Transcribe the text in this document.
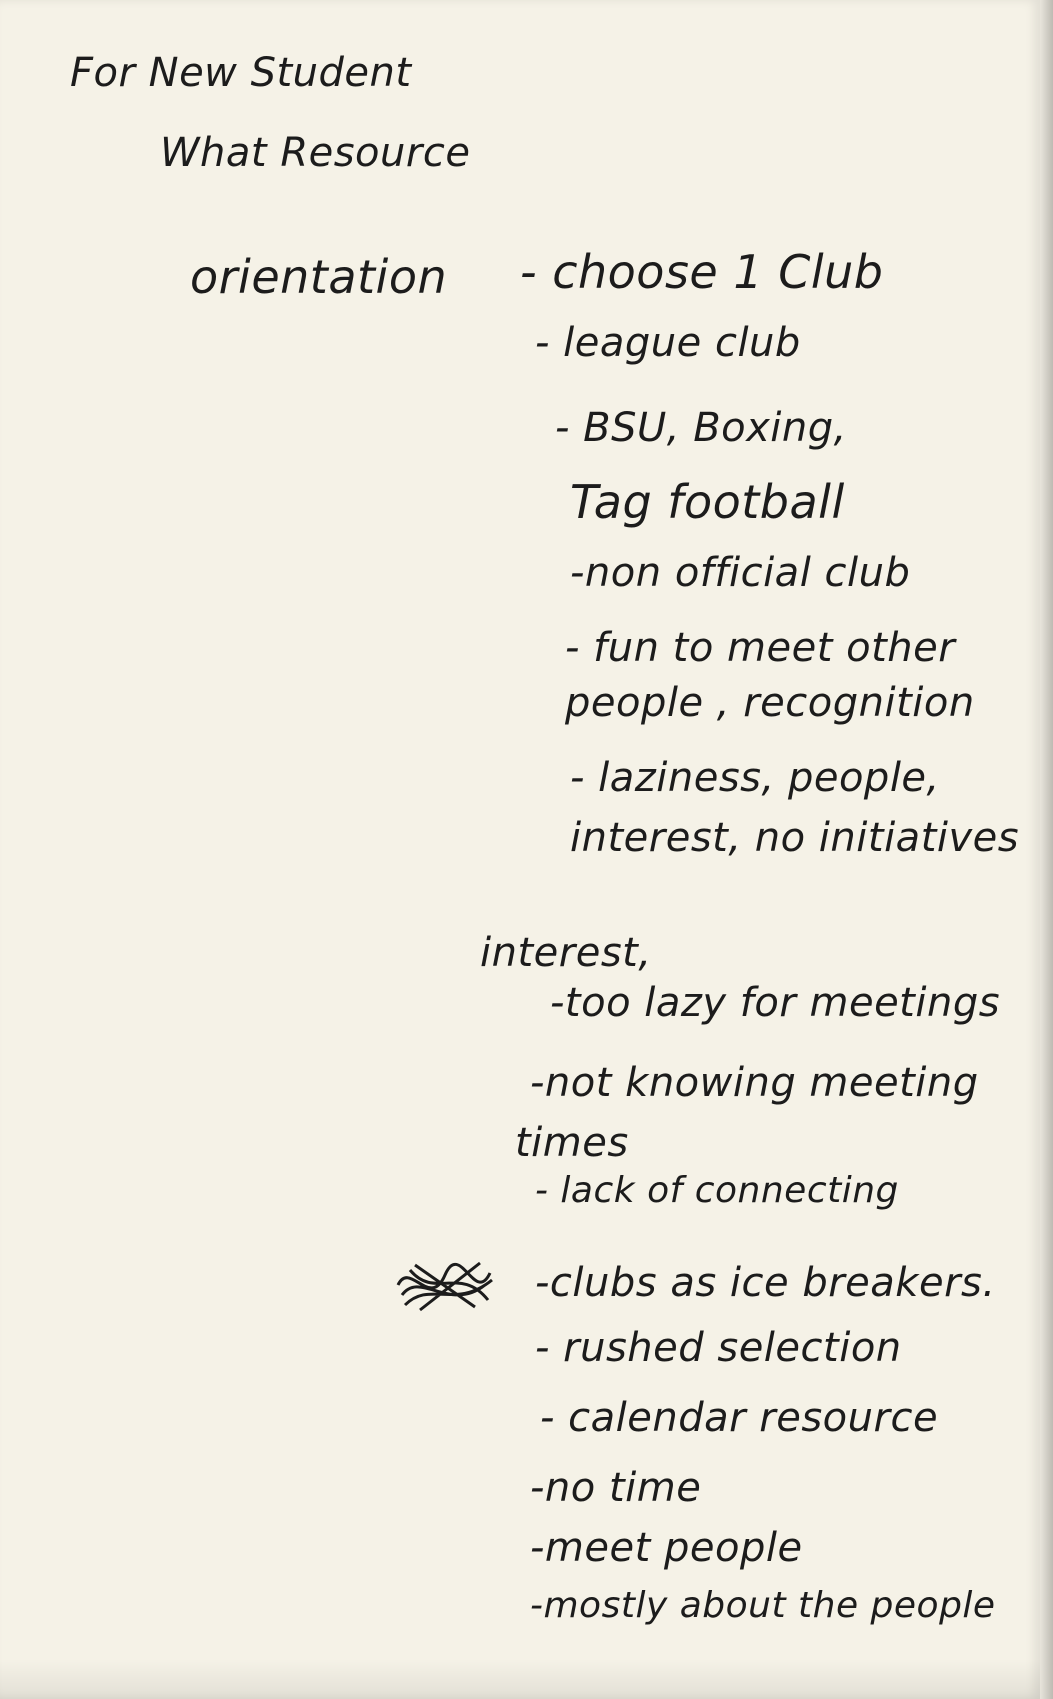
For New Student
What Resource
orientation - choose 1 Club
- league club
- BSU, Boxing,
Tag football
-non official club
- fun to meet other
people , recognition
- laziness, people,
interest, no initiatives
interest,
-too lazy for meetings
-not knowing meeting
times
- lack of connecting
-clubs as ice breakers.
- rushed selection
- calendar resource
-no time
-meet people
-mostly about the people
